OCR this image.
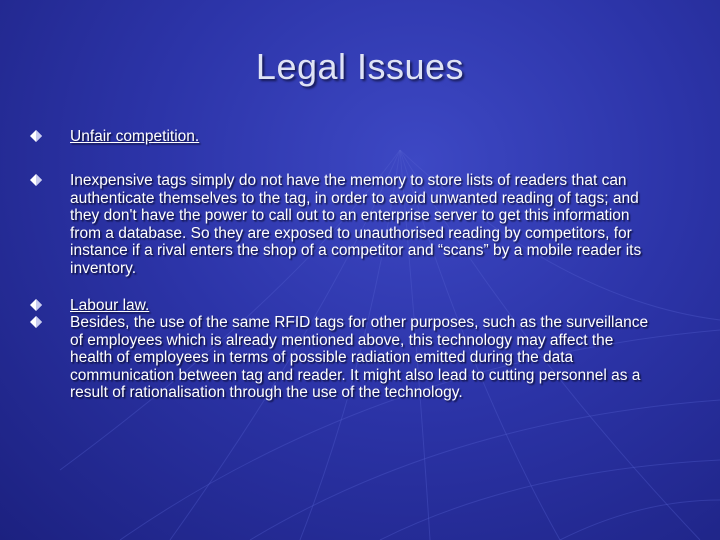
Legal Issues
Unfair competition.
Inexpensive tags simply do not have the memory to store lists of readers that can authenticate themselves to the tag, in order to avoid unwanted reading of tags; and they don't have the power to call out to an enterprise server to get this information from a database. So they are exposed to unauthorised reading by competitors, for instance if a rival enters the shop of a competitor and “scans” by a mobile reader its inventory.
Labour law.
Besides, the use of the same RFID tags for other purposes, such as the surveillance of employees which is already mentioned above, this technology may affect the health of employees in terms of possible radiation emitted during the data communication between tag and reader. It might also lead to cutting personnel as a result of rationalisation through the use of the technology.
